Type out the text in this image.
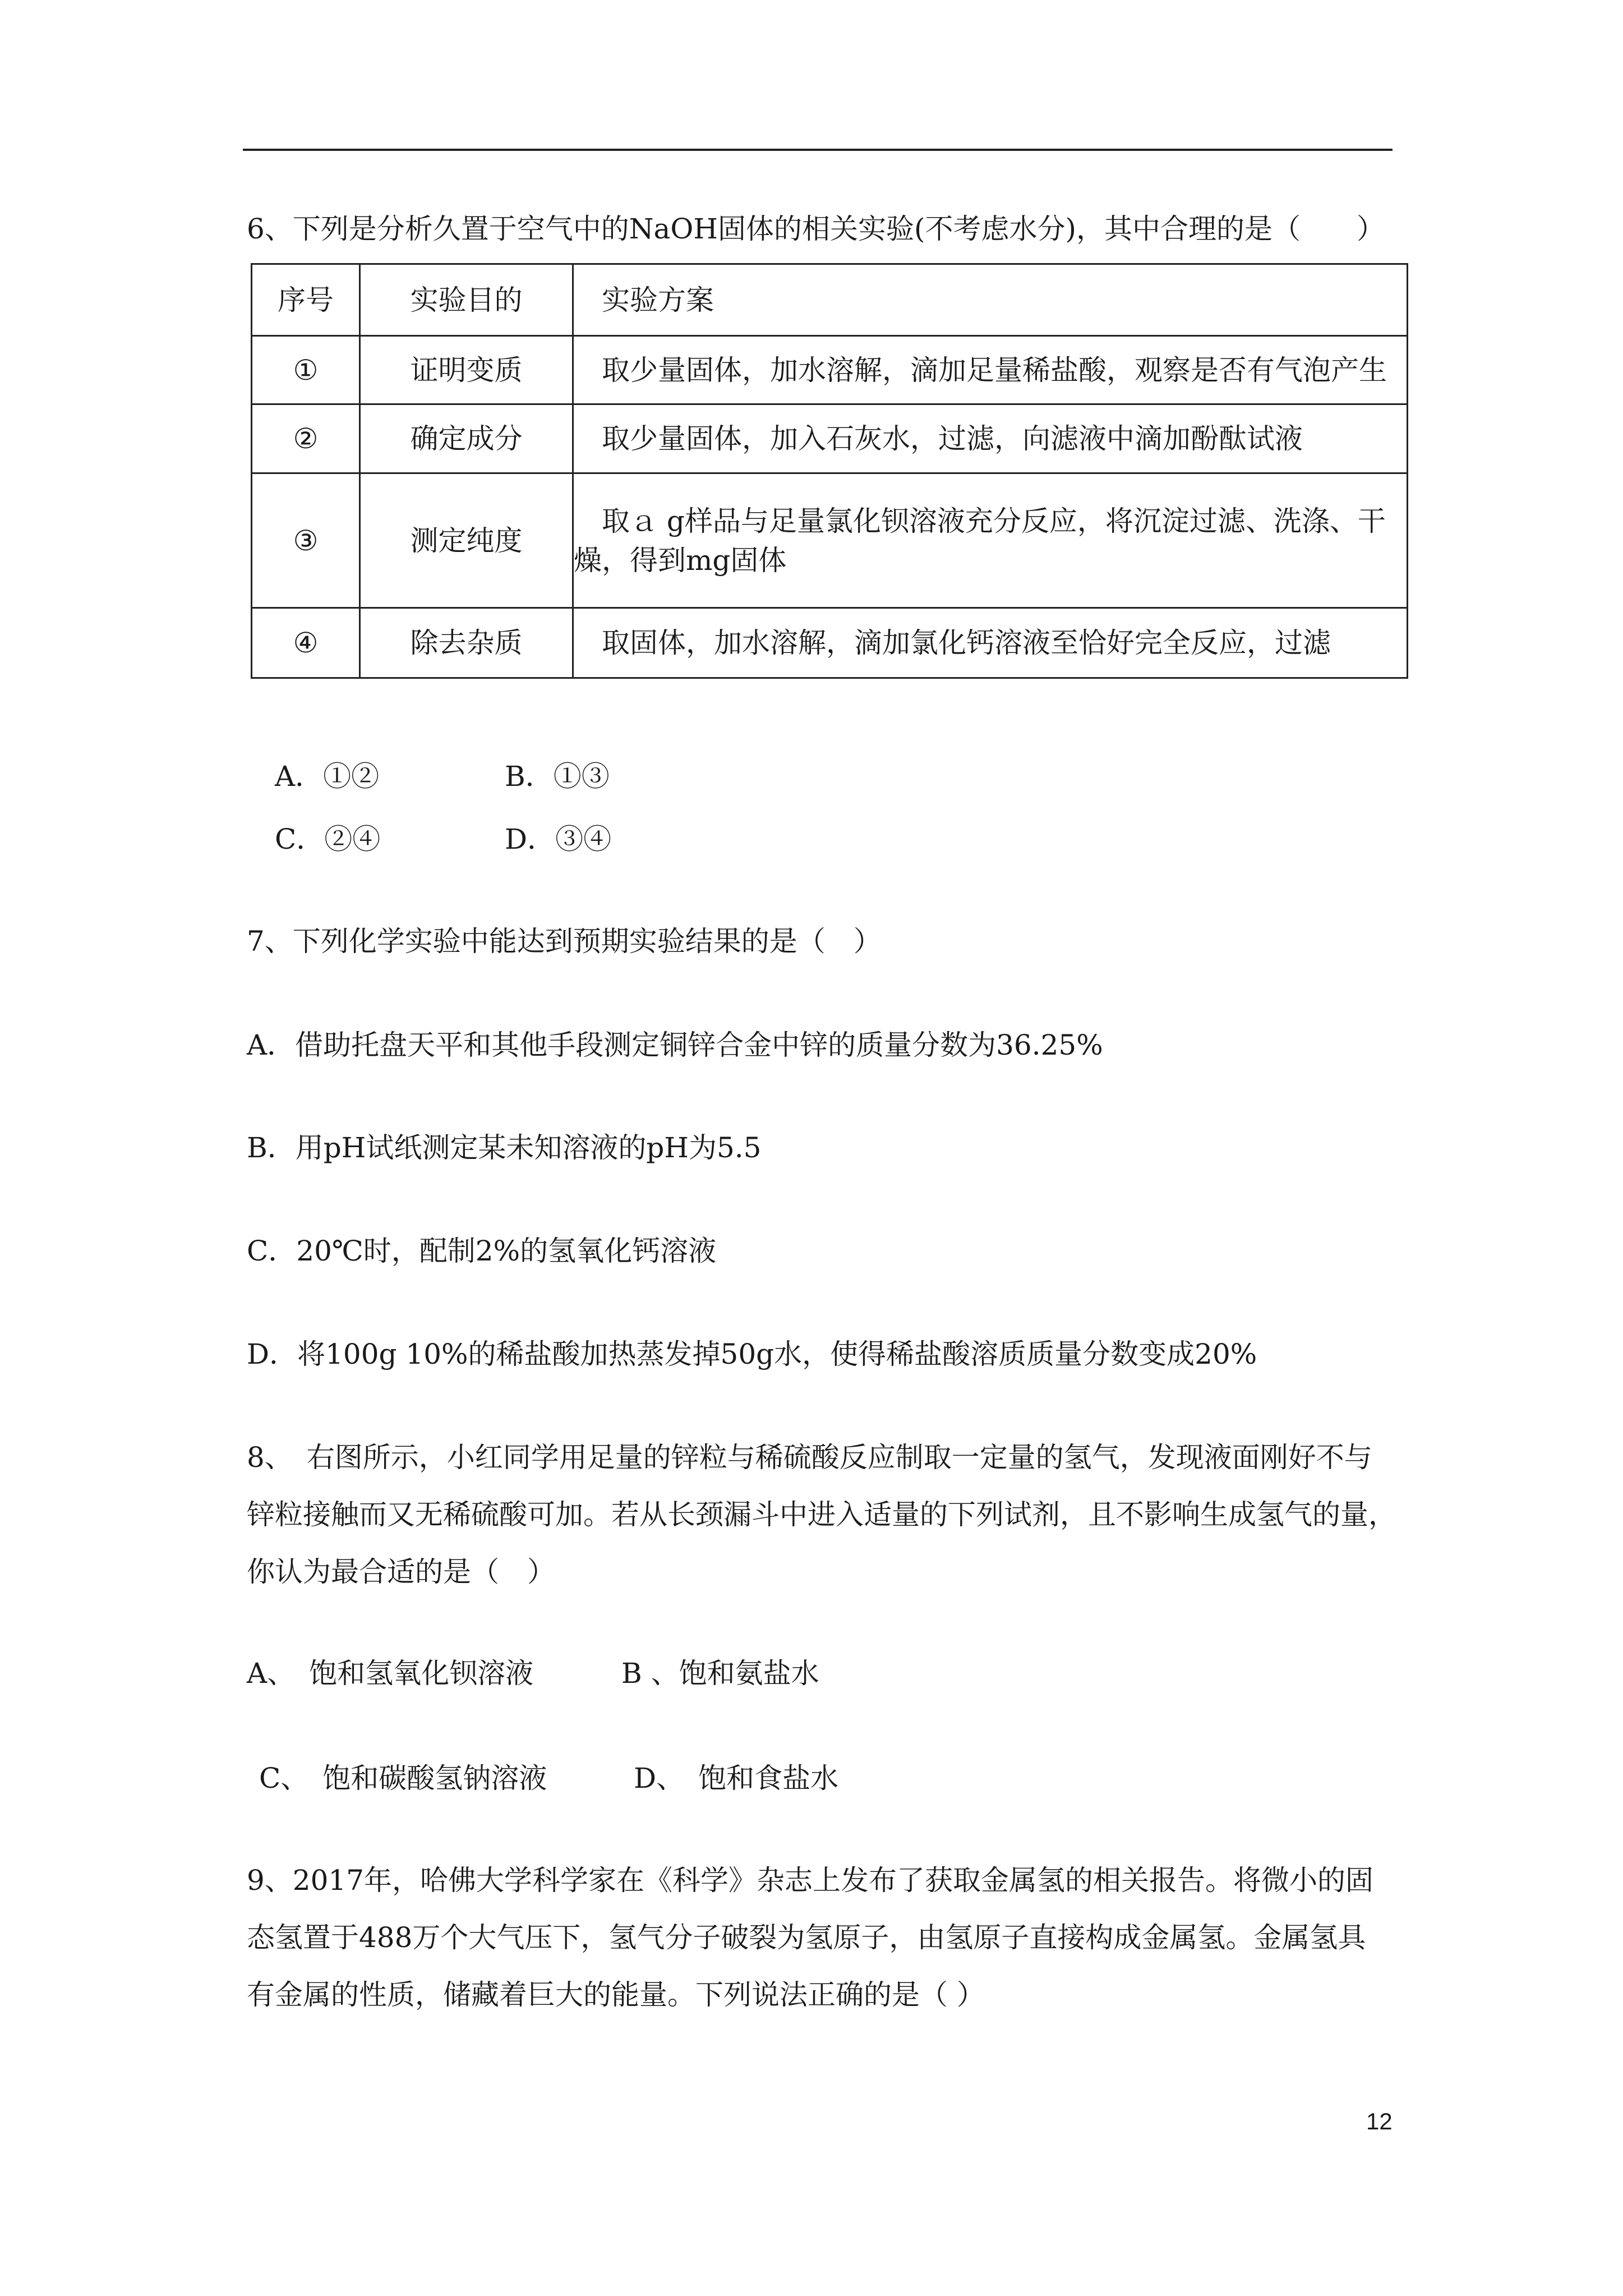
6、下列是分析久置于空气中的NaOH固体的相关实验(不考虑水分)，其中合理的是（　　）
序号	实验目的	实验方案
①	证明变质	取少量固体，加水溶解，滴加足量稀盐酸，观察是否有气泡产生
②	确定成分	取少量固体，加入石灰水，过滤，向滤液中滴加酚酞试液
③	测定纯度	取ａ g样品与足量氯化钡溶液充分反应，将沉淀过滤、洗涤、干燥，得到mg固体
④	除去杂质	取固体，加水溶解，滴加氯化钙溶液至恰好完全反应，过滤
A．①②	B．①③
C．②④	D．③④
7、下列化学实验中能达到预期实验结果的是（　）
A．借助托盘天平和其他手段测定铜锌合金中锌的质量分数为36.25%
B．用pH试纸测定某未知溶液的pH为5.5
C．20℃时，配制2%的氢氧化钙溶液
D．将100g 10%的稀盐酸加热蒸发掉50g水，使得稀盐酸溶质质量分数变成20%
8、　右图所示，小红同学用足量的锌粒与稀硫酸反应制取一定量的氢气，发现液面刚好不与
锌粒接触而又无稀硫酸可加。若从长颈漏斗中进入适量的下列试剂，且不影响生成氢气的量，
你认为最合适的是（　）
A、　饱和氢氧化钡溶液	B 、饱和氨盐水
C、　饱和碳酸氢钠溶液	D、　饱和食盐水
9、2017年，哈佛大学科学家在《科学》杂志上发布了获取金属氢的相关报告。将微小的固
态氢置于488万个大气压下，氢气分子破裂为氢原子，由氢原子直接构成金属氢。金属氢具
有金属的性质，储藏着巨大的能量。下列说法正确的是（ ）
12
